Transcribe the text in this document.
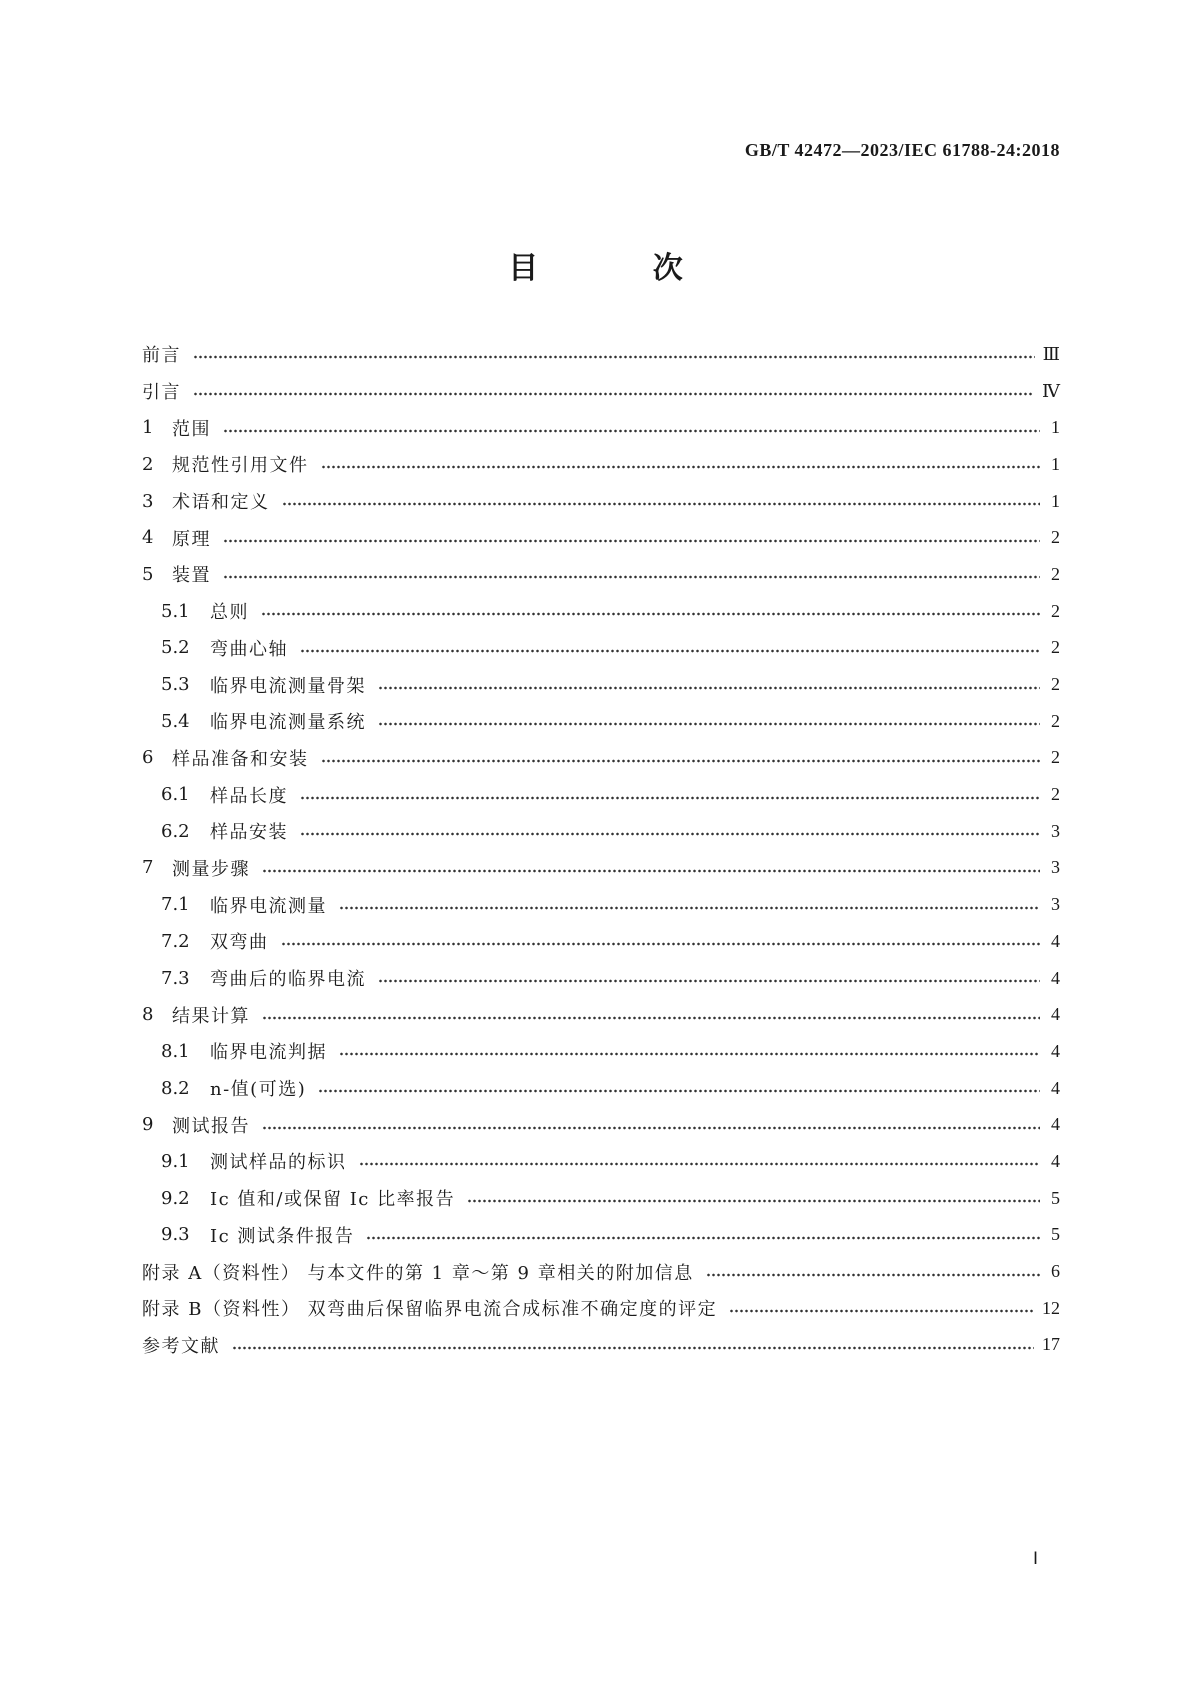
GB/T 42472—2023/IEC 61788-24:2018
目 次
前言	Ⅲ
引言	Ⅳ
1	范围	1
2	规范性引用文件	1
3	术语和定义	1
4	原理	2
5	装置	2
5.1	总则	2
5.2	弯曲心轴	2
5.3	临界电流测量骨架	2
5.4	临界电流测量系统	2
6	样品准备和安装	2
6.1	样品长度	2
6.2	样品安装	3
7	测量步骤	3
7.1	临界电流测量	3
7.2	双弯曲	4
7.3	弯曲后的临界电流	4
8	结果计算	4
8.1	临界电流判据	4
8.2	n-值(可选)	4
9	测试报告	4
9.1	测试样品的标识	4
9.2	Ic 值和/或保留 Ic 比率报告	5
9.3	Ic 测试条件报告	5
附录 A（资料性） 与本文件的第 1 章～第 9 章相关的附加信息	6
附录 B（资料性） 双弯曲后保留临界电流合成标准不确定度的评定	12
参考文献	17
Ⅰ
